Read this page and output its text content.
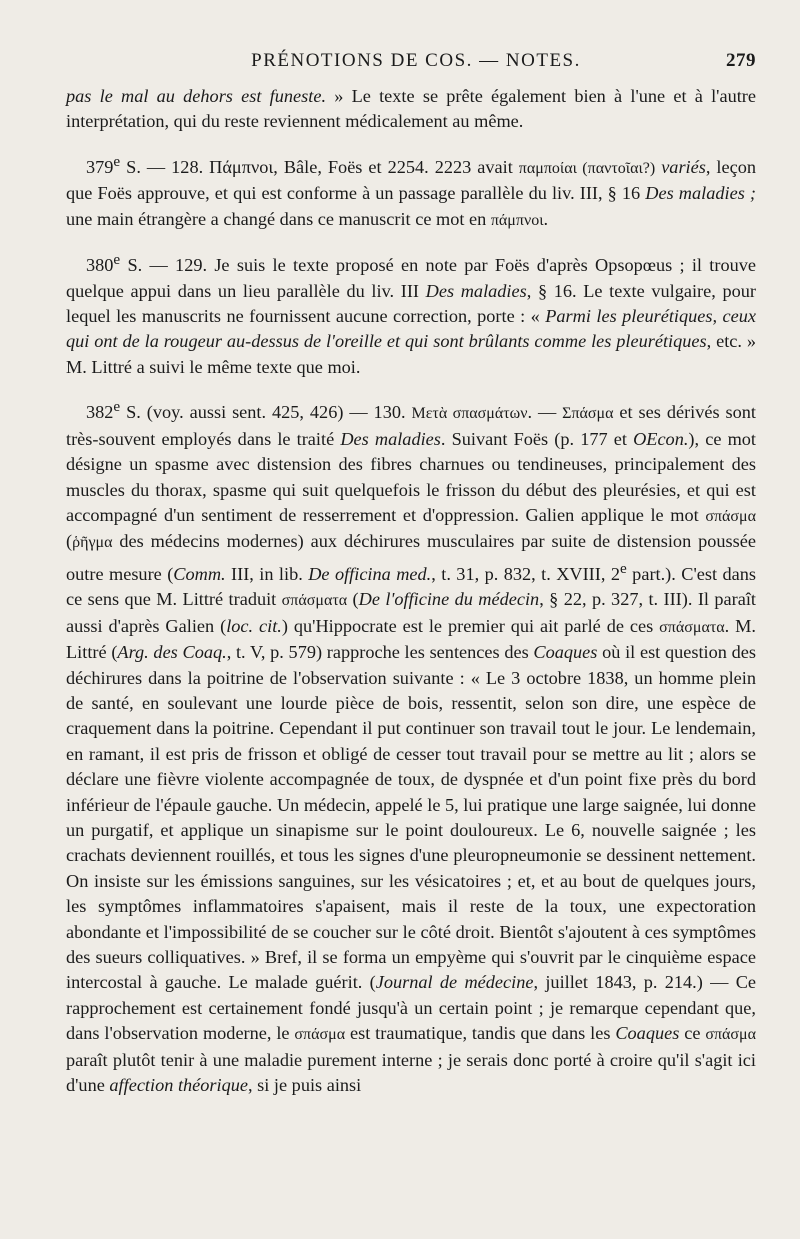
PRÉNOTIONS DE COS. — NOTES.	279

pas le mal au dehors est funeste. » Le texte se prête également bien à l'une et à l'autre interprétation, qui du reste reviennent médicalement au même.

379e S. — 128. Πάμπνοι, Bâle, Foës et 2254. 2223 avait παμποίαι (παντοῖαι?) variés, leçon que Foës approuve, et qui est conforme à un passage parallèle du liv. III, § 16 Des maladies ; une main étrangère a changé dans ce manuscrit ce mot en πάμπνοι.

380e S. — 129. Je suis le texte proposé en note par Foës d'après Opsopœus ; il trouve quelque appui dans un lieu parallèle du liv. III Des maladies, § 16. Le texte vulgaire, pour lequel les manuscrits ne fournissent aucune correction, porte : « Parmi les pleurétiques, ceux qui ont de la rougeur au-dessus de l'oreille et qui sont brûlants comme les pleurétiques, etc. » M. Littré a suivi le même texte que moi.

382e S. (voy. aussi sent. 425, 426) — 130. Μετὰ σπασμάτων. — Σπάσμα et ses dérivés sont très-souvent employés dans le traité Des maladies. Suivant Foës (p. 177 et OEcon.), ce mot désigne un spasme avec distension des fibres charnues ou tendineuses, principalement des muscles du thorax, spasme qui suit quelquefois le frisson du début des pleurésies, et qui est accompagné d'un sentiment de resserrement et d'oppression. Galien applique le mot σπάσμα (ῥῆγμα des médecins modernes) aux déchirures musculaires par suite de distension poussée outre mesure (Comm. III, in lib. De officina med., t. 31, p. 832, t. XVIII, 2e part.). C'est dans ce sens que M. Littré traduit σπάσματα (De l'officine du médecin, § 22, p. 327, t. III). Il paraît aussi d'après Galien (loc. cit.) qu'Hippocrate est le premier qui ait parlé de ces σπάσματα. M. Littré (Arg. des Coaq., t. V, p. 579) rapproche les sentences des Coaques où il est question des déchirures dans la poitrine de l'observation suivante : « Le 3 octobre 1838, un homme plein de santé, en soulevant une lourde pièce de bois, ressentit, selon son dire, une espèce de craquement dans la poitrine. Cependant il put continuer son travail tout le jour. Le lendemain, en ramant, il est pris de frisson et obligé de cesser tout travail pour se mettre au lit ; alors se déclare une fièvre violente accompagnée de toux, de dyspnée et d'un point fixe près du bord inférieur de l'épaule gauche. Un médecin, appelé le 5, lui pratique une large saignée, lui donne un purgatif, et applique un sinapisme sur le point douloureux. Le 6, nouvelle saignée ; les crachats deviennent rouillés, et tous les signes d'une pleuropneumonie se dessinent nettement. On insiste sur les émissions sanguines, sur les vésicatoires ; et, et au bout de quelques jours, les symptômes inflammatoires s'apaisent, mais il reste de la toux, une expectoration abondante et l'impossibilité de se coucher sur le côté droit. Bientôt s'ajoutent à ces symptômes des sueurs colliquatives. » Bref, il se forma un empyème qui s'ouvrit par le cinquième espace intercostal à gauche. Le malade guérit. (Journal de médecine, juillet 1843, p. 214.) — Ce rapprochement est certainement fondé jusqu'à un certain point ; je remarque cependant que, dans l'observation moderne, le σπάσμα est traumatique, tandis que dans les Coaques ce σπάσμα paraît plutôt tenir à une maladie purement interne ; je serais donc porté à croire qu'il s'agit ici d'une affection théorique, si je puis ainsi
